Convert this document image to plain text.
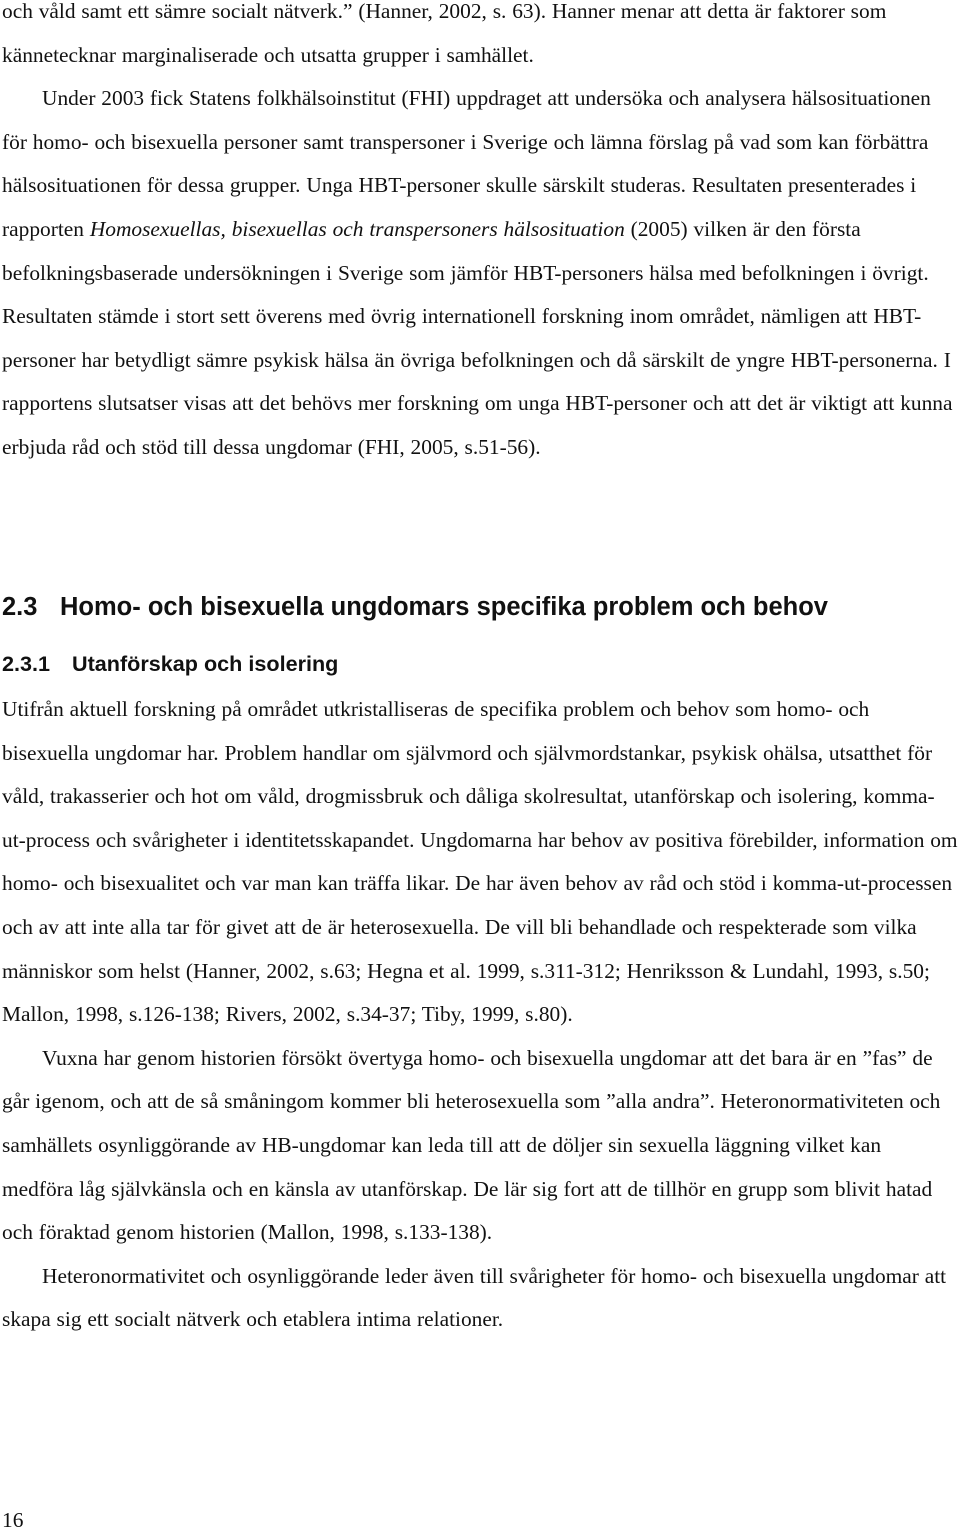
och våld samt ett sämre socialt nätverk.” (Hanner, 2002, s. 63). Hanner menar att detta är faktorer som kännetecknar marginaliserade och utsatta grupper i samhället.

Under 2003 fick Statens folkhälsoinstitut (FHI) uppdraget att undersöka och analysera hälsosituationen för homo- och bisexuella personer samt transpersoner i Sverige och lämna förslag på vad som kan förbättra hälsosituationen för dessa grupper. Unga HBT-personer skulle särskilt studeras. Resultaten presenterades i rapporten Homosexuellas, bisexuellas och transpersoners hälsosituation (2005) vilken är den första befolkningsbaserade undersökningen i Sverige som jämför HBT-personers hälsa med befolkningen i övrigt. Resultaten stämde i stort sett överens med övrig internationell forskning inom området, nämligen att HBT-personer har betydligt sämre psykisk hälsa än övriga befolkningen och då särskilt de yngre HBT-personerna. I rapportens slutsatser visas att det behövs mer forskning om unga HBT-personer och att det är viktigt att kunna erbjuda råd och stöd till dessa ungdomar (FHI, 2005, s.51-56).

2.3 Homo- och bisexuella ungdomars specifika problem och behov
2.3.1 Utanförskap och isolering

Utifrån aktuell forskning på området utkristalliseras de specifika problem och behov som homo- och bisexuella ungdomar har. Problem handlar om självmord och självmordstankar, psykisk ohälsa, utsatthet för våld, trakasserier och hot om våld, drogmissbruk och dåliga skolresultat, utanförskap och isolering, komma-ut-process och svårigheter i identitetsskapandet. Ungdomarna har behov av positiva förebilder, information om homo- och bisexualitet och var man kan träffa likar. De har även behov av råd och stöd i komma-ut-processen och av att inte alla tar för givet att de är heterosexuella. De vill bli behandlade och respekterade som vilka människor som helst (Hanner, 2002, s.63; Hegna et al. 1999, s.311-312; Henriksson & Lundahl, 1993, s.50; Mallon, 1998, s.126-138; Rivers, 2002, s.34-37; Tiby, 1999, s.80).

Vuxna har genom historien försökt övertyga homo- och bisexuella ungdomar att det bara är en ”fas” de går igenom, och att de så småningom kommer bli heterosexuella som ”alla andra”. Heteronormativiteten och samhällets osynliggörande av HB-ungdomar kan leda till att de döljer sin sexuella läggning vilket kan medföra låg självkänsla och en känsla av utanförskap. De lär sig fort att de tillhör en grupp som blivit hatad och föraktad genom historien (Mallon, 1998, s.133-138).

Heteronormativitet och osynliggörande leder även till svårigheter för homo- och bisexuella ungdomar att skapa sig ett socialt nätverk och etablera intima relationer.

16
